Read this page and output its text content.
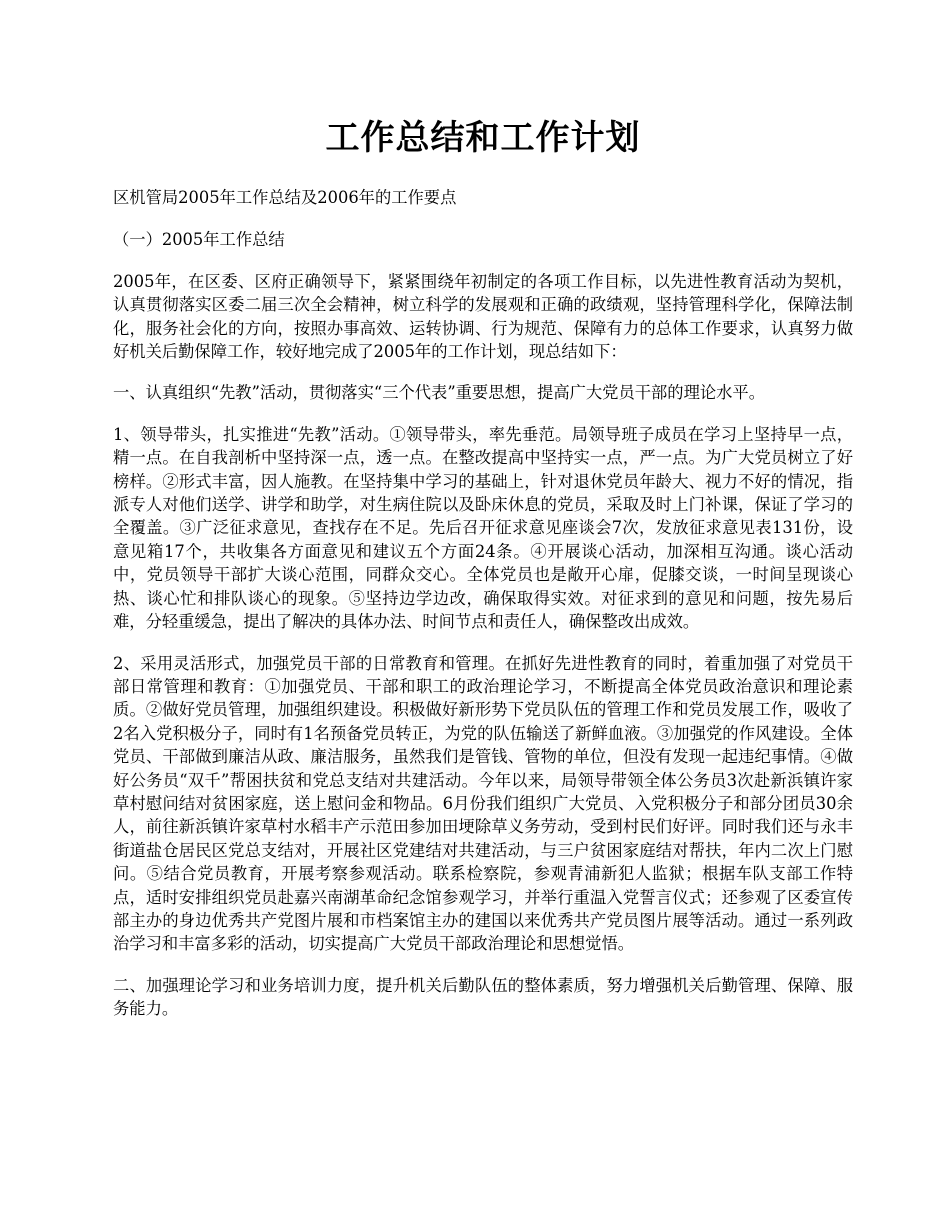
工作总结和工作计划

区机管局2005年工作总结及2006年的工作要点

（一）2005年工作总结

2005年，在区委、区府正确领导下，紧紧围绕年初制定的各项工作目标，以先进性教育活动为契机，认真贯彻落实区委二届三次全会精神，树立科学的发展观和正确的政绩观，坚持管理科学化，保障法制化，服务社会化的方向，按照办事高效、运转协调、行为规范、保障有力的总体工作要求，认真努力做好机关后勤保障工作，较好地完成了2005年的工作计划，现总结如下：

一、认真组织“先教”活动，贯彻落实“三个代表”重要思想，提高广大党员干部的理论水平。

1、领导带头，扎实推进“先教”活动。①领导带头，率先垂范。局领导班子成员在学习上坚持早一点，精一点。在自我剖析中坚持深一点，透一点。在整改提高中坚持实一点，严一点。为广大党员树立了好榜样。②形式丰富，因人施教。在坚持集中学习的基础上，针对退休党员年龄大、视力不好的情况，指派专人对他们送学、讲学和助学，对生病住院以及卧床休息的党员，采取及时上门补课，保证了学习的全覆盖。③广泛征求意见，查找存在不足。先后召开征求意见座谈会7次，发放征求意见表131份，设意见箱17个，共收集各方面意见和建议五个方面24条。④开展谈心活动，加深相互沟通。谈心活动中，党员领导干部扩大谈心范围，同群众交心。全体党员也是敞开心扉，促膝交谈，一时间呈现谈心热、谈心忙和排队谈心的现象。⑤坚持边学边改，确保取得实效。对征求到的意见和问题，按先易后难，分轻重缓急，提出了解决的具体办法、时间节点和责任人，确保整改出成效。

2、采用灵活形式，加强党员干部的日常教育和管理。在抓好先进性教育的同时，着重加强了对党员干部日常管理和教育：①加强党员、干部和职工的政治理论学习，不断提高全体党员政治意识和理论素质。②做好党员管理，加强组织建设。积极做好新形势下党员队伍的管理工作和党员发展工作，吸收了2名入党积极分子，同时有1名预备党员转正，为党的队伍输送了新鲜血液。③加强党的作风建设。全体党员、干部做到廉洁从政、廉洁服务，虽然我们是管钱、管物的单位，但没有发现一起违纪事情。④做好公务员“双千”帮困扶贫和党总支结对共建活动。今年以来，局领导带领全体公务员3次赴新浜镇许家草村慰问结对贫困家庭，送上慰问金和物品。6月份我们组织广大党员、入党积极分子和部分团员30余人，前往新浜镇许家草村水稻丰产示范田参加田埂除草义务劳动，受到村民们好评。同时我们还与永丰街道盐仓居民区党总支结对，开展社区党建结对共建活动，与三户贫困家庭结对帮扶，年内二次上门慰问。⑤结合党员教育，开展考察参观活动。联系检察院，参观青浦新犯人监狱；根据车队支部工作特点，适时安排组织党员赴嘉兴南湖革命纪念馆参观学习，并举行重温入党誓言仪式；还参观了区委宣传部主办的身边优秀共产党图片展和市档案馆主办的建国以来优秀共产党员图片展等活动。通过一系列政治学习和丰富多彩的活动，切实提高广大党员干部政治理论和思想觉悟。

二、加强理论学习和业务培训力度，提升机关后勤队伍的整体素质，努力增强机关后勤管理、保障、服务能力。
